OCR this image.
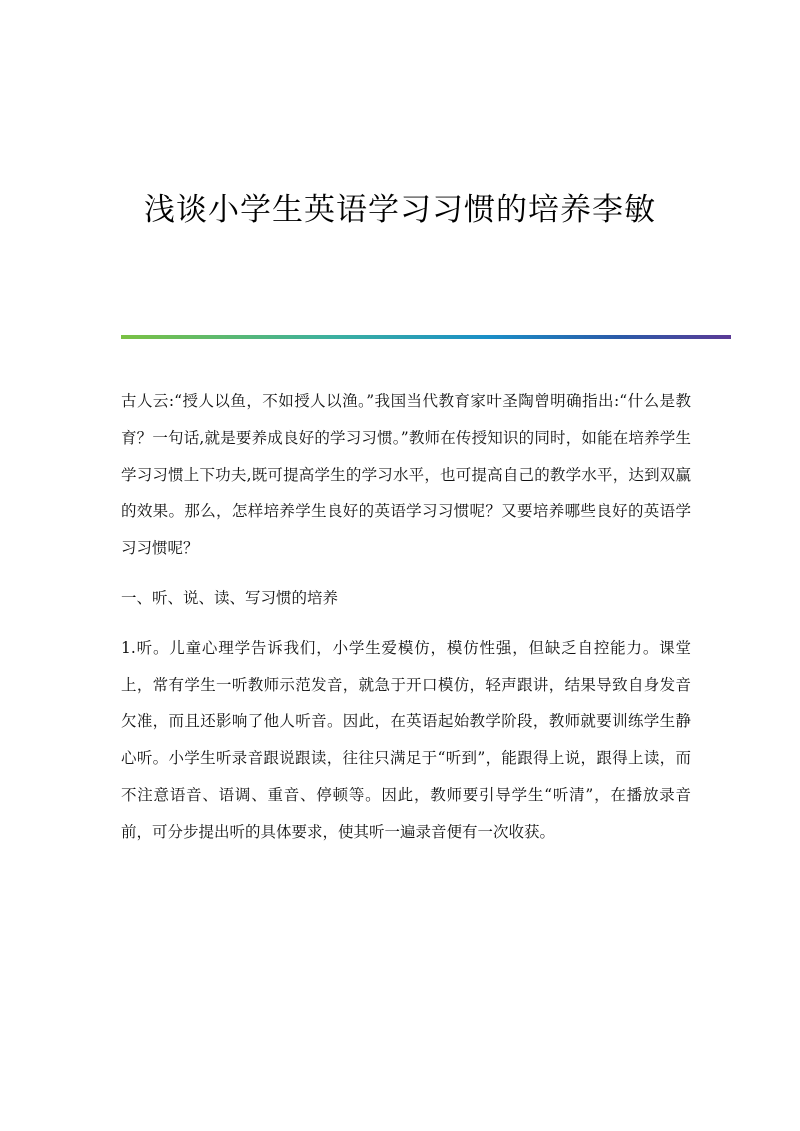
浅谈小学生英语学习习惯的培养李敏

古人云:“授人以鱼，不如授人以渔。”我国当代教育家叶圣陶曾明确指出:“什么是教育？一句话,就是要养成良好的学习习惯。”教师在传授知识的同时，如能在培养学生学习习惯上下功夫,既可提高学生的学习水平，也可提高自己的教学水平，达到双赢的效果。那么，怎样培养学生良好的英语学习习惯呢？又要培养哪些良好的英语学习习惯呢？

一、听、说、读、写习惯的培养

1.听。儿童心理学告诉我们，小学生爱模仿，模仿性强，但缺乏自控能力。课堂上，常有学生一听教师示范发音，就急于开口模仿，轻声跟讲，结果导致自身发音欠准，而且还影响了他人听音。因此，在英语起始教学阶段，教师就要训练学生静心听。小学生听录音跟说跟读，往往只满足于“听到”，能跟得上说，跟得上读，而不注意语音、语调、重音、停顿等。因此，教师要引导学生“听清”，在播放录音前，可分步提出听的具体要求，使其听一遍录音便有一次收获。
